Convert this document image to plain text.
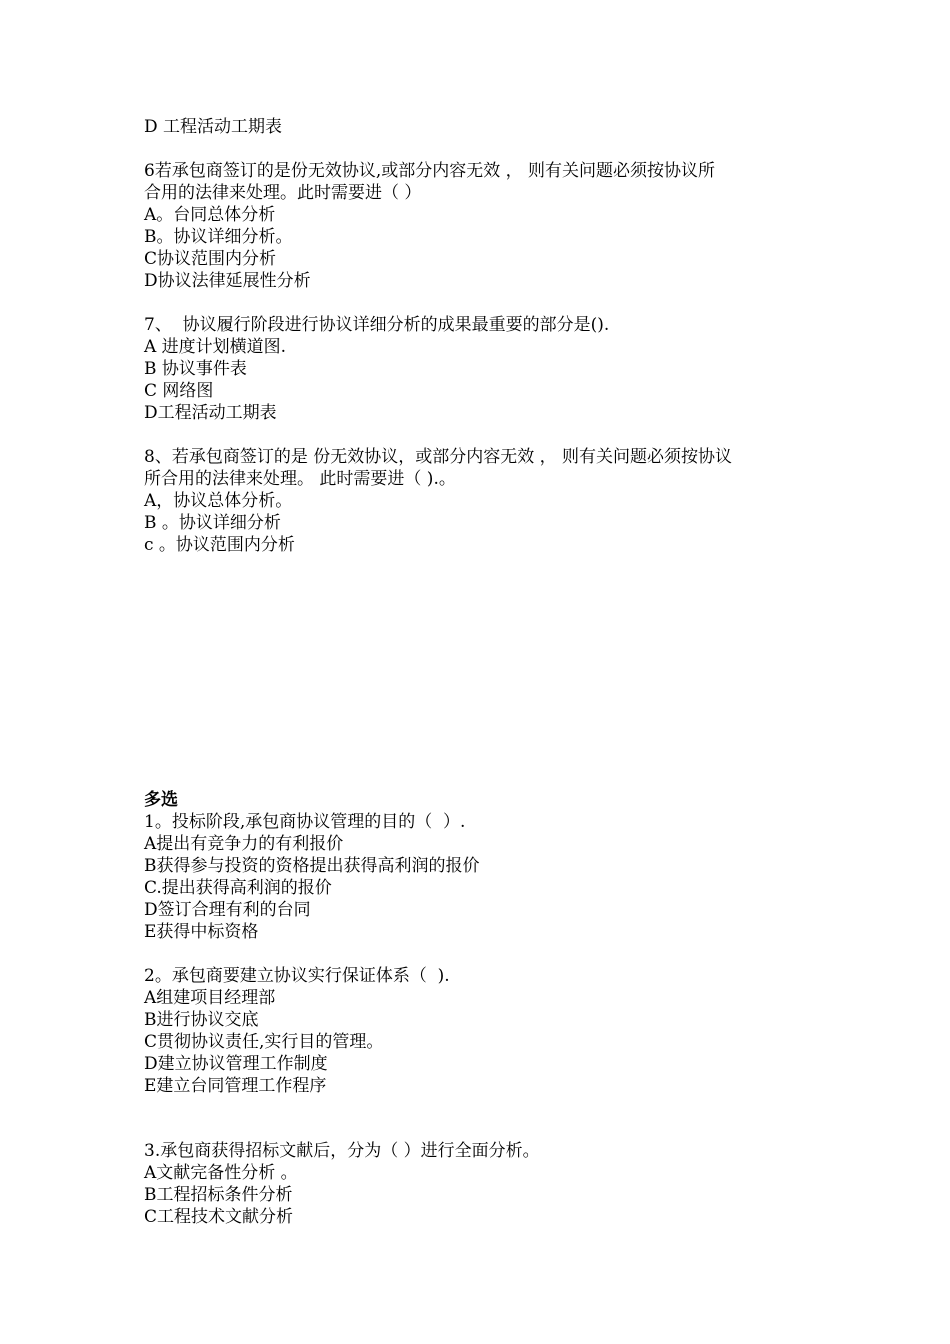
D 工程活动工期表
6若承包商签订的是份无效协议,或部分内容无效 ， 则有关问题必须按协议所
合用的法律来处理。此时需要进（ ）
A。台同总体分析
B。协议详细分析。
C协议范围内分析
D协议法律延展性分析
7、  协议履行阶段进行协议详细分析的成果最重要的部分是().
A 进度计划横道图.
B 协议事件表
C 网络图
D工程活动工期表
8、若承包商签订的是 份无效协议，或部分内容无效 ， 则有关问题必须按协议
所合用的法律来处理。 此时需要进（ ).。
A，协议总体分析。
B 。协议详细分析
c 。协议范围内分析
多选
1。投标阶段,承包商协议管理的目的（  ）.
A提出有竞争力的有利报价
B获得参与投资的资格提出获得高利润的报价
C.提出获得高利润的报价
D签订合理有利的台同
E获得中标资格
2。承包商要建立协议实行保证体系（  ).
A组建项目经理部
B进行协议交底
C贯彻协议责任,实行目的管理。
D建立协议管理工作制度
E建立台同管理工作程序
3.承包商获得招标文献后，分为（ ）进行全面分析。
A文献完备性分析 。
B工程招标条件分析
C工程技术文献分析
